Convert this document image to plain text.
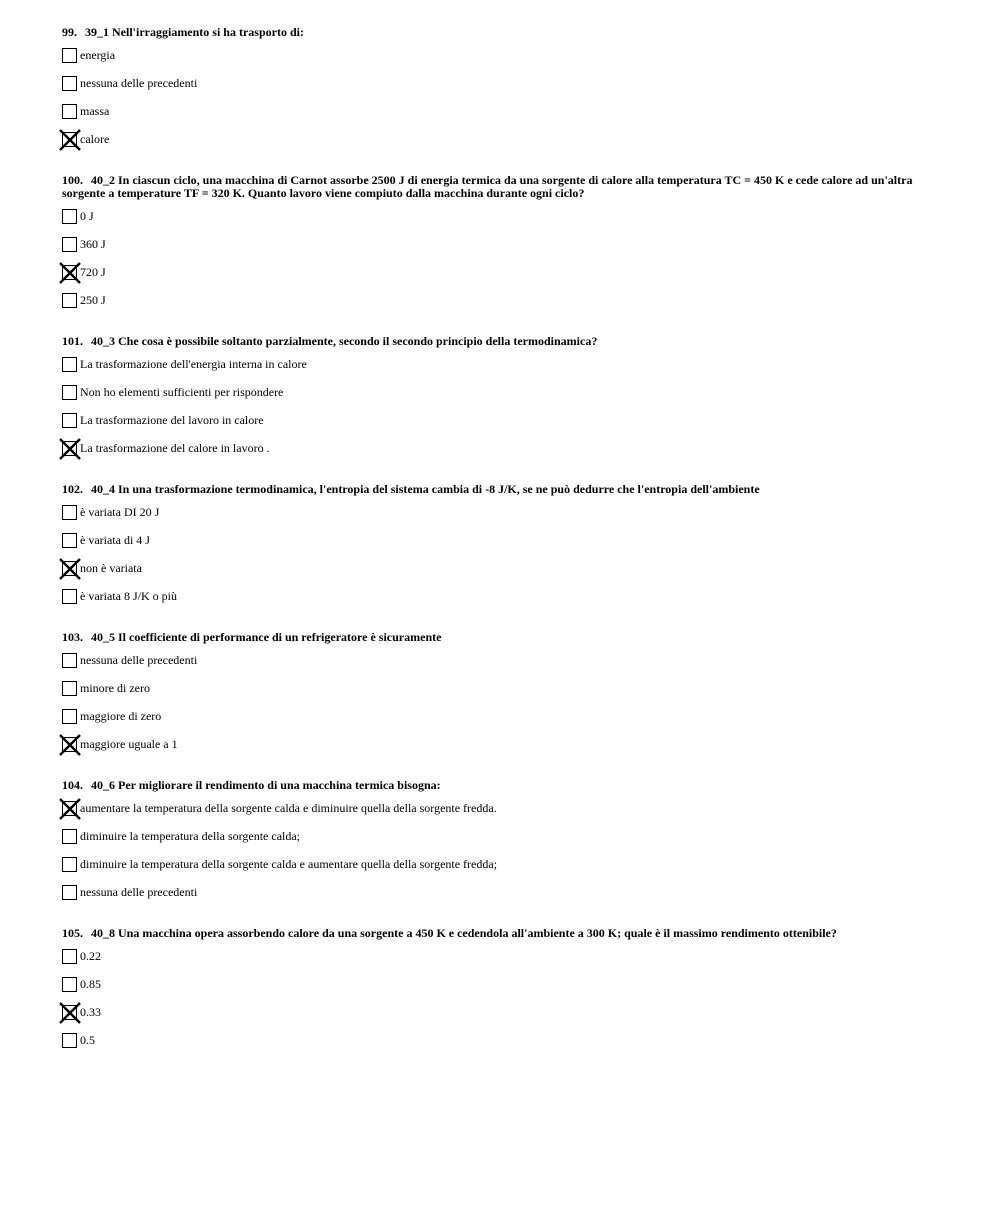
99. 39_1 Nell'irraggiamento si ha trasporto di:
energia
nessuna delle precedenti
massa
calore
100. 40_2 In ciascun ciclo, una macchina di Carnot assorbe 2500 J di energia termica da una sorgente di calore alla temperatura TC = 450 K e cede calore ad un'altra sorgente a temperature TF = 320 K. Quanto lavoro viene compiuto dalla macchina durante ogni ciclo?
0 J
360 J
720 J
250 J
101. 40_3 Che cosa è possibile soltanto parzialmente, secondo il secondo principio della termodinamica?
La trasformazione dell'energia interna in calore
Non ho elementi sufficienti per rispondere
La trasformazione del lavoro in calore
La trasformazione del calore in lavoro .
102. 40_4 In una trasformazione termodinamica, l'entropia del sistema cambia di -8 J/K, se ne può dedurre che l'entropia dell'ambiente
è variata DI 20 J
è variata di 4 J
non è variata
è variata 8 J/K o più
103. 40_5 Il coefficiente di performance di un refrigeratore è sicuramente
nessuna delle precedenti
minore di zero
maggiore di zero
maggiore uguale a 1
104. 40_6 Per migliorare il rendimento di una macchina termica bisogna:
aumentare la temperatura della sorgente calda e diminuire quella della sorgente fredda.
diminuire la temperatura della sorgente calda;
diminuire la temperatura della sorgente calda e aumentare quella della sorgente fredda;
nessuna delle precedenti
105. 40_8 Una macchina opera assorbendo calore da una sorgente a 450 K e cedendola all'ambiente a 300 K; quale è il massimo rendimento ottenibile?
0.22
0.85
0.33
0.5
